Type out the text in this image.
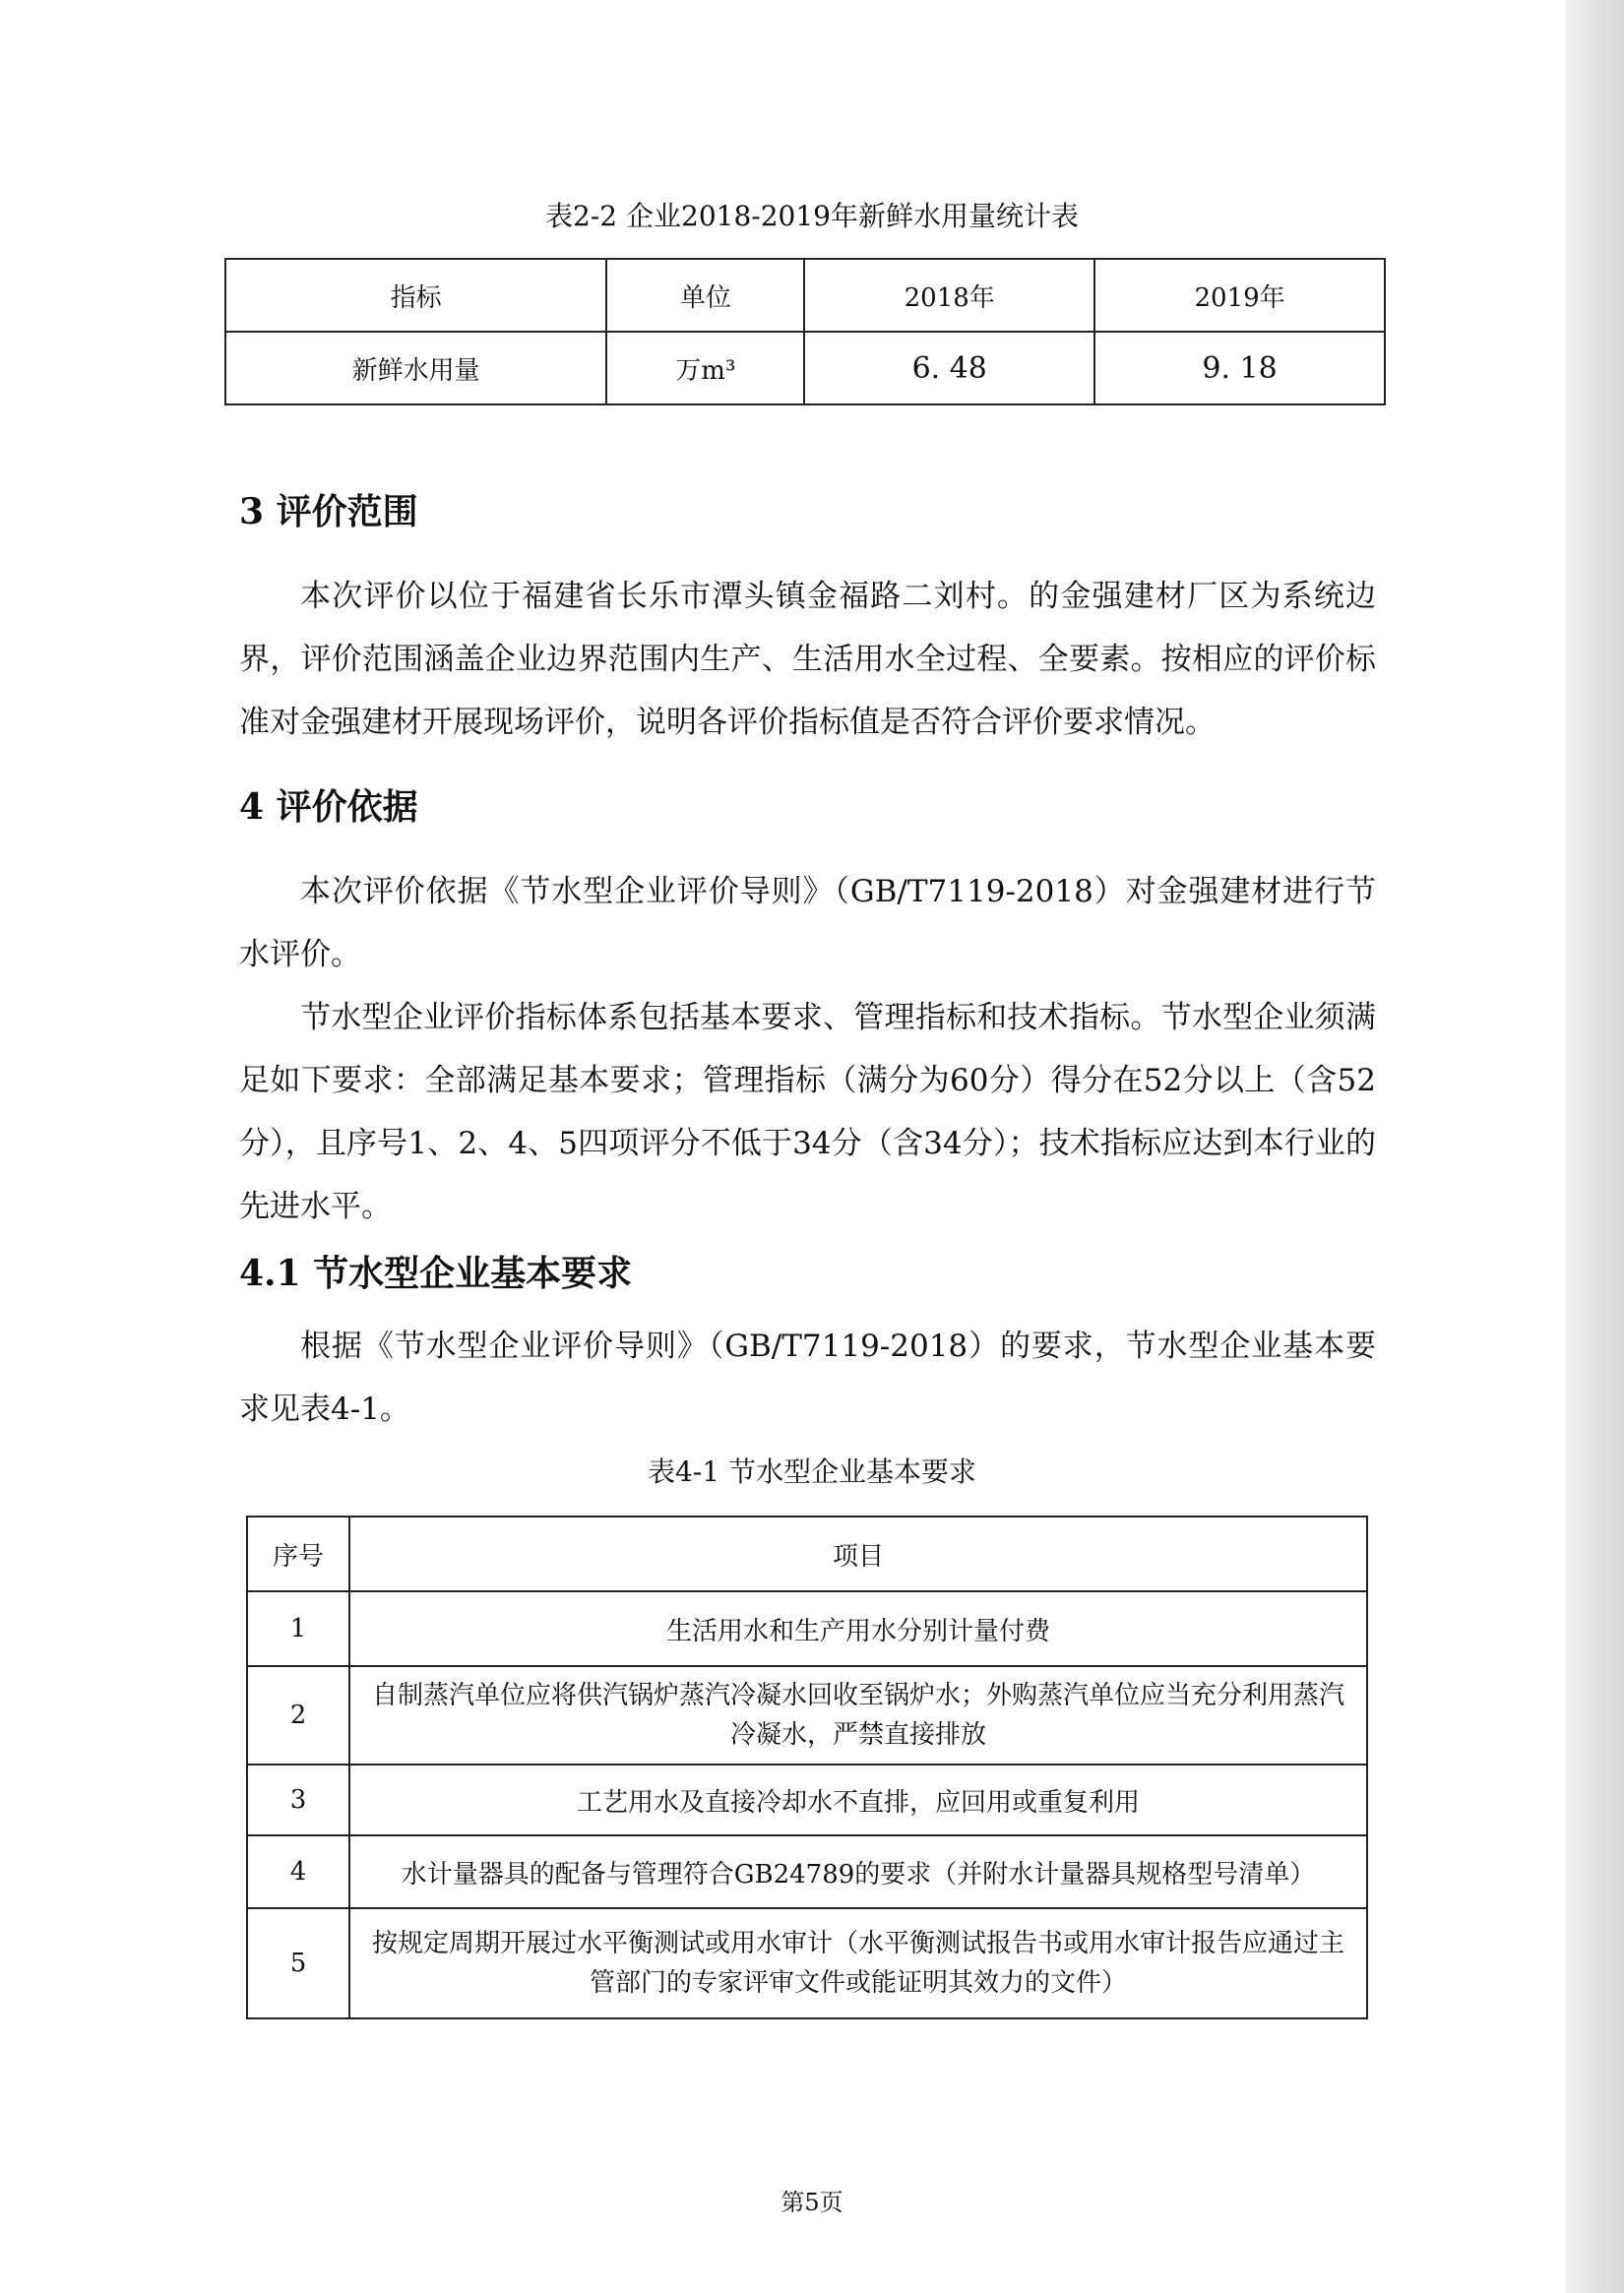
表2-2 企业2018-2019年新鲜水用量统计表
指标	单位	2018年	2019年
新鲜水用量	万m³	6. 48	9. 18
3 评价范围

本次评价以位于福建省长乐市潭头镇金福路二刘村。的金强建材厂区为系统边界，评价范围涵盖企业边界范围内生产、生活用水全过程、全要素。按相应的评价标准对金强建材开展现场评价，说明各评价指标值是否符合评价要求情况。

4 评价依据

本次评价依据《节水型企业评价导则》（GB/T7119-2018）对金强建材进行节水评价。

节水型企业评价指标体系包括基本要求、管理指标和技术指标。节水型企业须满足如下要求：全部满足基本要求；管理指标（满分为60分）得分在52分以上（含52分），且序号1、2、4、5四项评分不低于34分（含34分）；技术指标应达到本行业的先进水平。

4.1 节水型企业基本要求

根据《节水型企业评价导则》（GB/T7119-2018）的要求，节水型企业基本要求见表4-1。

表4-1 节水型企业基本要求
序号	项目
1	生活用水和生产用水分别计量付费
2	自制蒸汽单位应将供汽锅炉蒸汽冷凝水回收至锅炉水；外购蒸汽单位应当充分利用蒸汽冷凝水，严禁直接排放
3	工艺用水及直接冷却水不直排，应回用或重复利用
4	水计量器具的配备与管理符合GB24789的要求（并附水计量器具规格型号清单）
5	按规定周期开展过水平衡测试或用水审计（水平衡测试报告书或用水审计报告应通过主管部门的专家评审文件或能证明其效力的文件）
第5页
